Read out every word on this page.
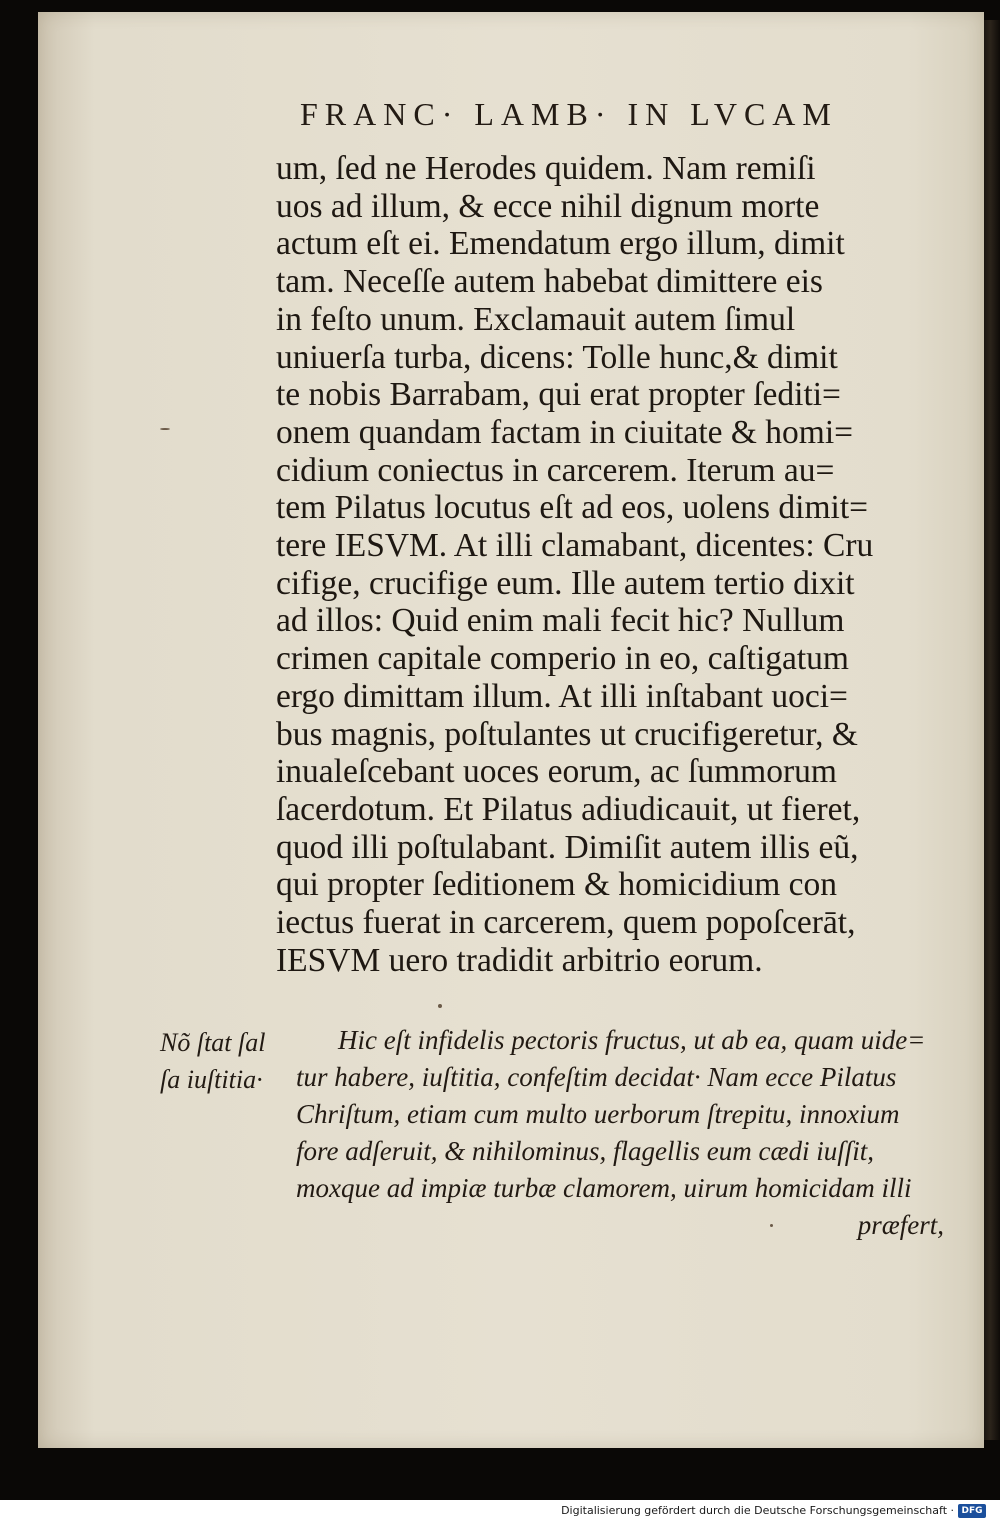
FRANC· LAMB· IN LVCAM
um, ſed ne Herodes quidem. Nam remiſi
uos ad illum, & ecce nihil dignum morte
actum eſt ei. Emendatum ergo illum, dimit
tam. Neceſſe autem habebat dimittere eis
in feſto unum. Exclamauit autem ſimul
uniuerſa turba, dicens: Tolle hunc,& dimit
te nobis Barrabam, qui erat propter ſediti=
onem quandam factam in ciuitate & homi=
cidium coniectus in carcerem. Iterum au=
tem Pilatus locutus eſt ad eos, uolens dimit=
tere IESVM. At illi clamabant, dicentes: Cru
cifige, crucifige eum. Ille autem tertio dixit
ad illos: Quid enim mali fecit hic? Nullum
crimen capitale comperio in eo, caſtigatum
ergo dimittam illum. At illi inſtabant uoci=
bus magnis, poſtulantes ut crucifigeretur, &
inualeſcebant uoces eorum, ac ſummorum
ſacerdotum. Et Pilatus adiudicauit, ut fieret,
quod illi poſtulabant. Dimiſit autem illis eũ,
qui propter ſeditionem & homicidium con
iectus fuerat in carcerem, quem popoſcerāt,
IESVM uero tradidit arbitrio eorum.
Nõ ſtat ſal
ſa iuſtitia·
Hic eſt infidelis pectoris fructus, ut ab ea, quam uide=
tur habere, iuſtitia, confeſtim decidat· Nam ecce Pilatus
Chriſtum, etiam cum multo uerborum ſtrepitu, innoxium
fore adſeruit, & nihilominus, flagellis eum cædi iuſſit,
moxque ad impiæ turbæ clamorem, uirum homicidam illi
præfert,
Digitalisierung gefördert durch die Deutsche Forschungsgemeinschaft · DFG
